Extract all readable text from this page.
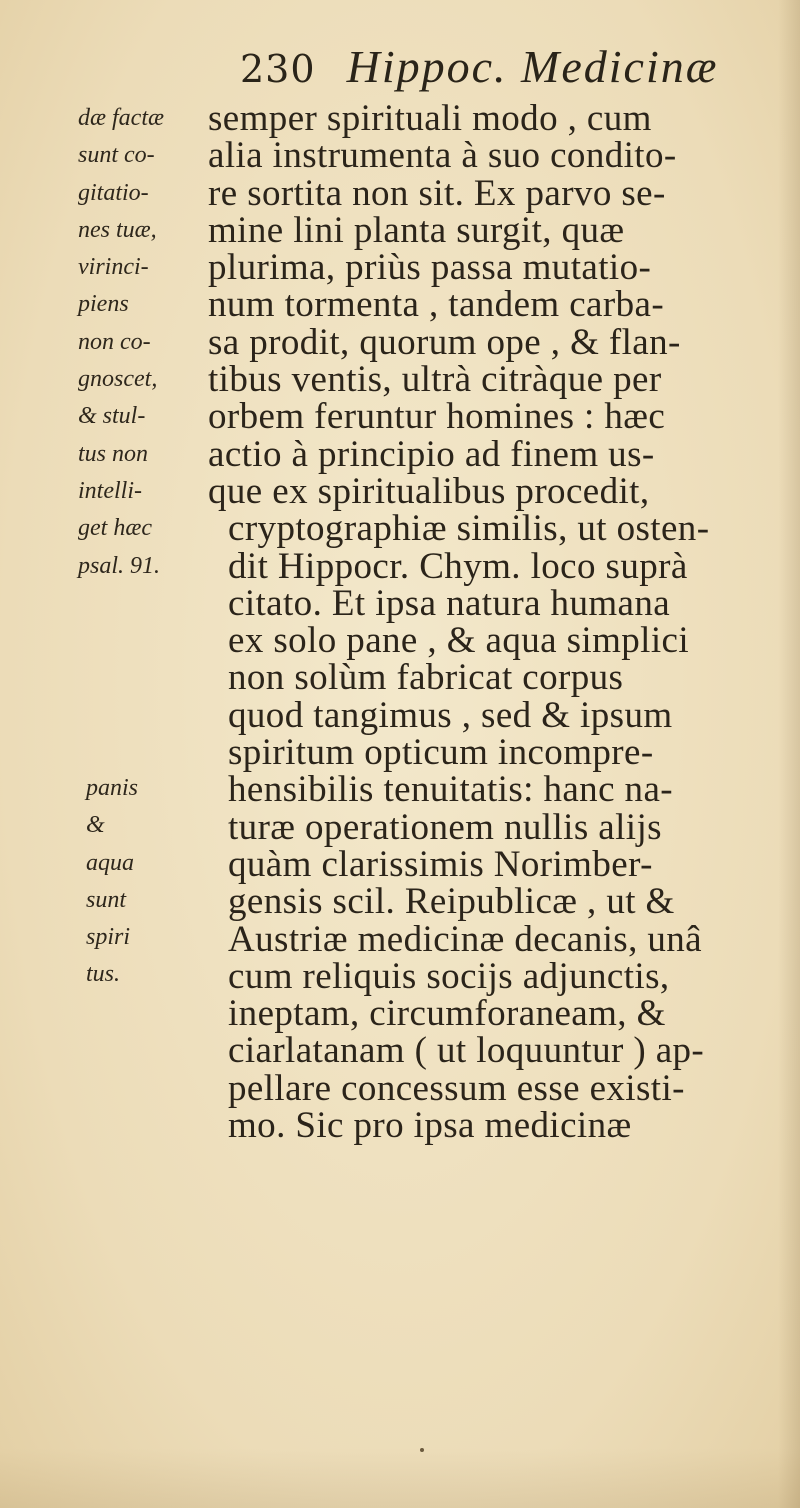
230 Hippoc. Medicinæ
dæ factæ
sunt co-
gitatio-
nes tuæ,
virinci-
piens
non co-
gnoscet,
& stul-
tus non
intelli-
get hæc
psal. 91.
panis
&
aqua
sunt
spiri
tus.
semper spirituali modo , cum
alia instrumenta à suo condito-
re sortita non sit. Ex parvo se-
mine lini planta surgit, quæ
plurima, priùs passa mutatio-
num tormenta , tandem carba-
sa prodit, quorum ope , & flan-
tibus ventis, ultrà citràque per
orbem feruntur homines : hæc
actio à principio ad finem us-
que ex spiritualibus procedit,
cryptographiæ similis, ut osten-
dit Hippocr. Chym. loco suprà
citato. Et ipsa natura humana
ex solo pane , & aqua simplici
non solùm fabricat corpus
quod tangimus , sed & ipsum
spiritum opticum incompre-
hensibilis tenuitatis: hanc na-
turæ operationem nullis alijs
quàm clarissimis Norimber-
gensis scil. Reipublicæ , ut &
Austriæ medicinæ decanis, unâ
cum reliquis socijs adjunctis,
ineptam, circumforaneam, &
ciarlatanam ( ut loquuntur ) ap-
pellare concessum esse existi-
mo. Sic pro ipsa medicinæ
